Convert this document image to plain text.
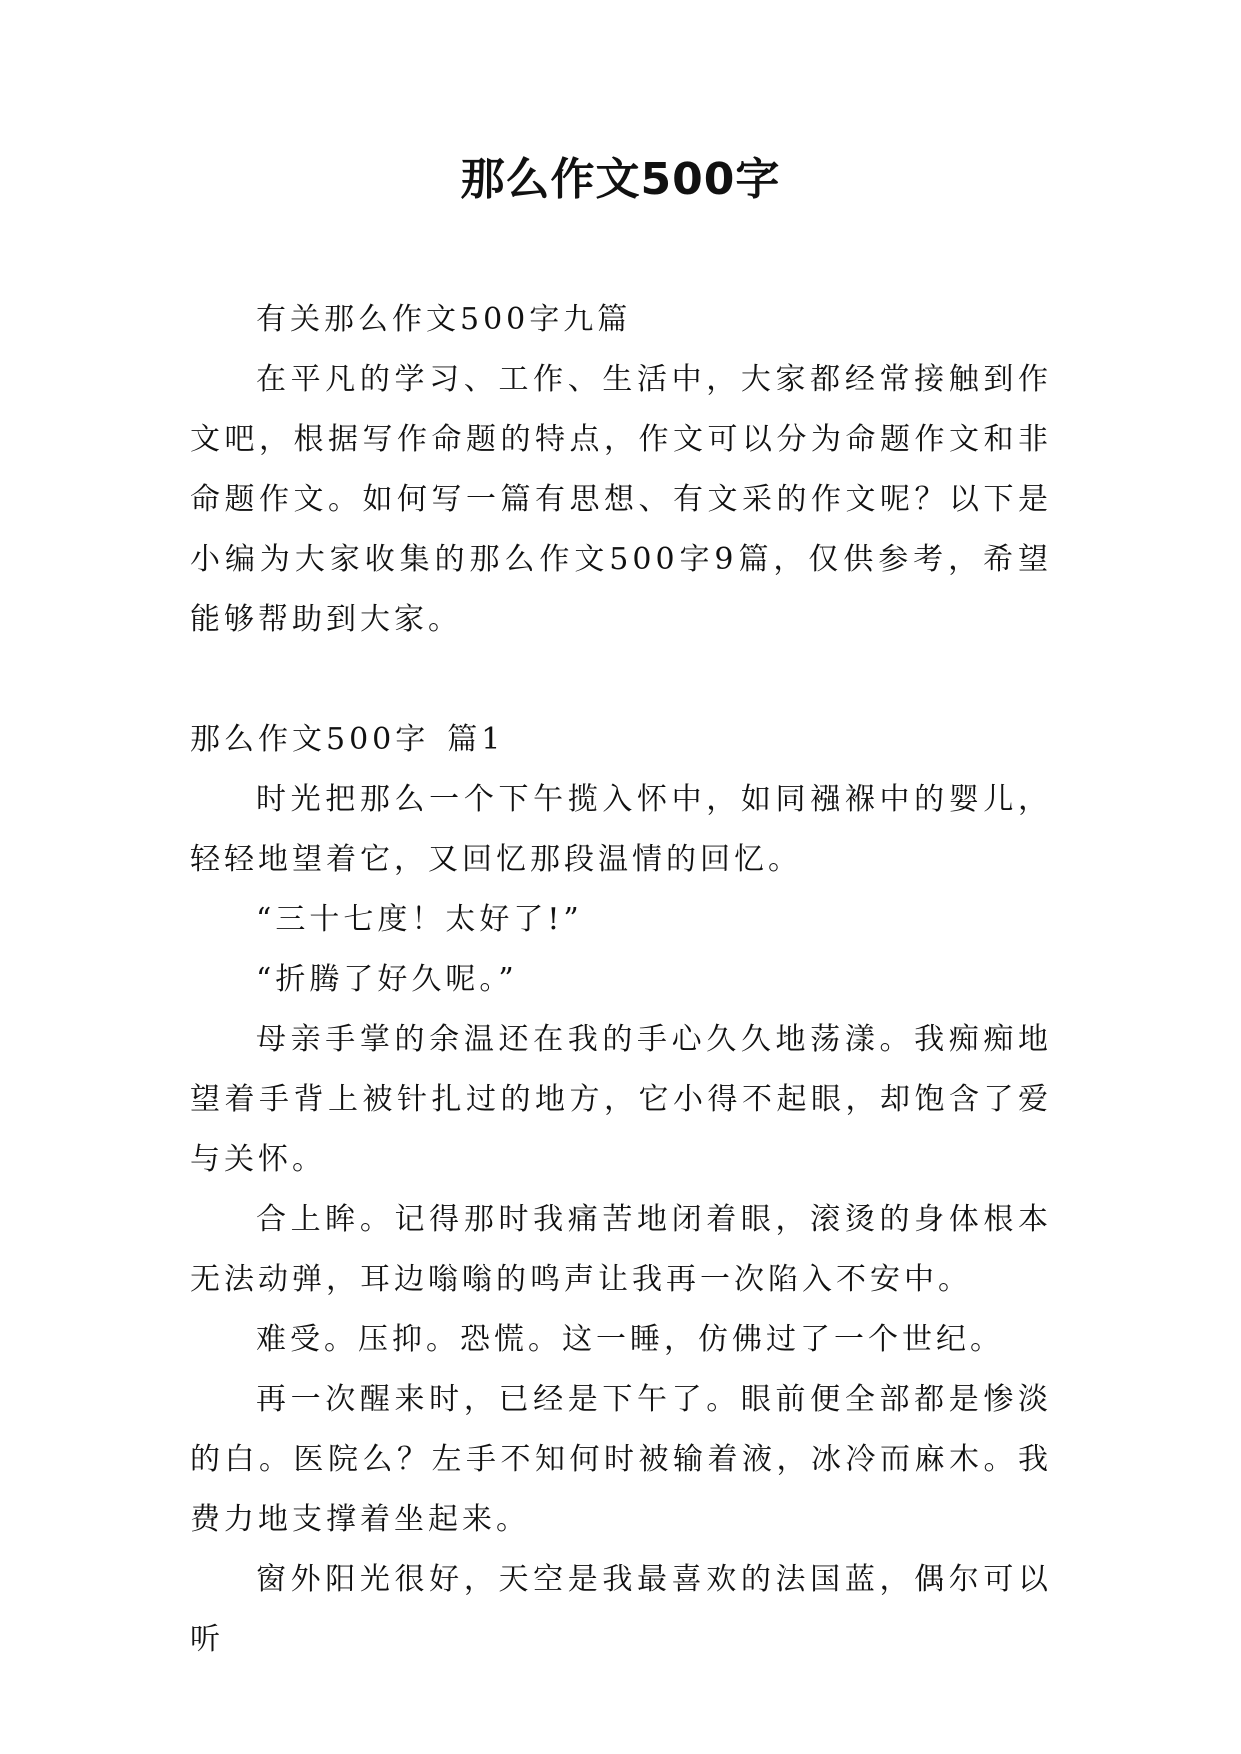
那么作文500字

有关那么作文500字九篇

在平凡的学习、工作、生活中，大家都经常接触到作文吧，根据写作命题的特点，作文可以分为命题作文和非命题作文。如何写一篇有思想、有文采的作文呢？以下是小编为大家收集的那么作文500字9篇，仅供参考，希望能够帮助到大家。

那么作文500字 篇1

时光把那么一个下午揽入怀中，如同襁褓中的婴儿，轻轻地望着它，又回忆那段温情的回忆。

“三十七度！太好了!”

“折腾了好久呢。”

母亲手掌的余温还在我的手心久久地荡漾。我痴痴地望着手背上被针扎过的地方，它小得不起眼，却饱含了爱与关怀。

合上眸。记得那时我痛苦地闭着眼，滚烫的身体根本无法动弹，耳边嗡嗡的鸣声让我再一次陷入不安中。

难受。压抑。恐慌。这一睡，仿佛过了一个世纪。

再一次醒来时，已经是下午了。眼前便全部都是惨淡的白。医院么？左手不知何时被输着液，冰冷而麻木。我费力地支撑着坐起来。

窗外阳光很好，天空是我最喜欢的法国蓝，偶尔可以听
